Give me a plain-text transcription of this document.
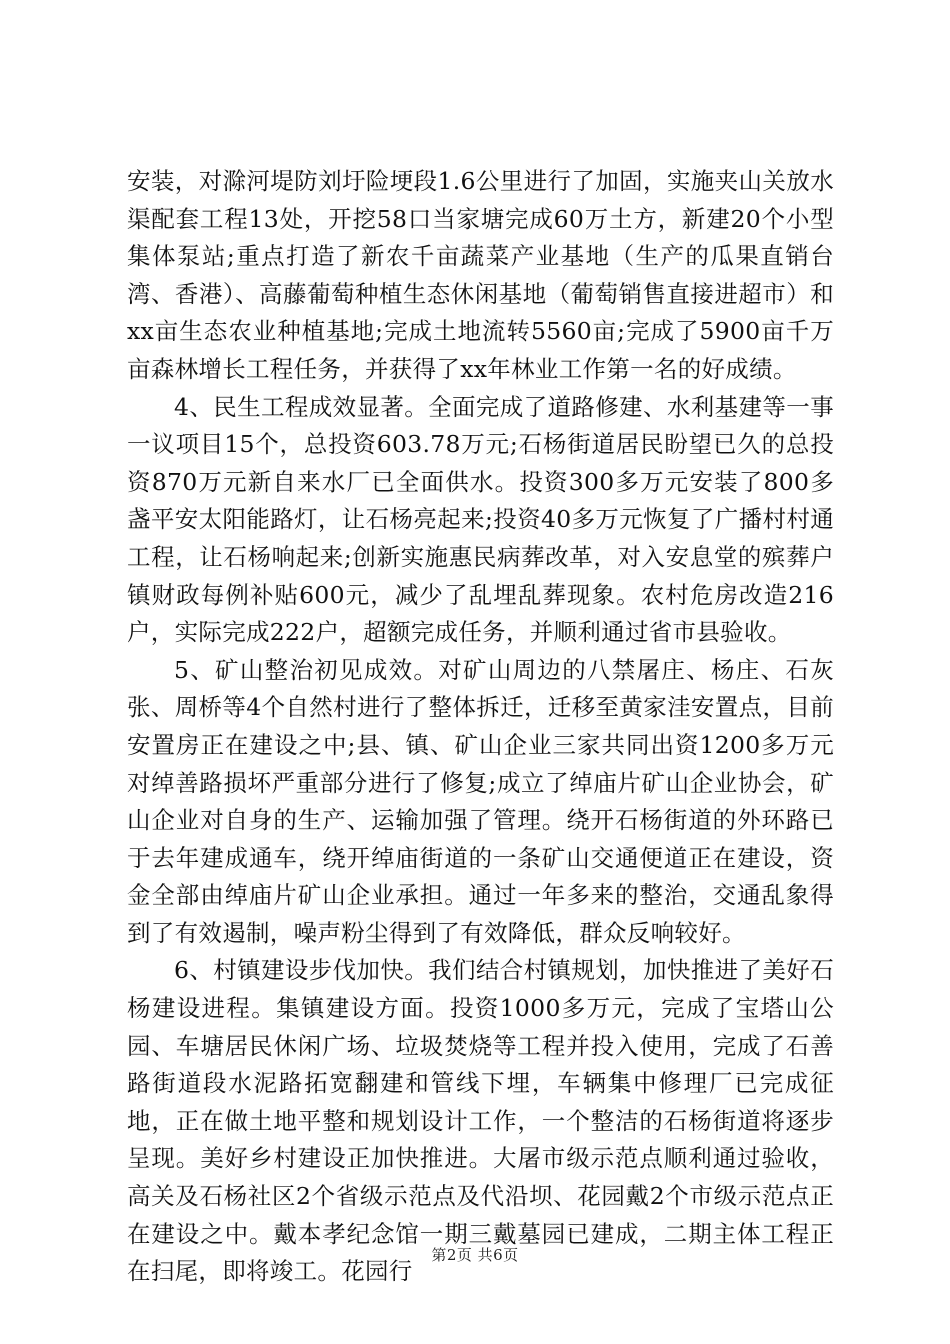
安装，对滁河堤防刘圩险埂段1.6公里进行了加固，实施夹山关放水渠配套工程13处，开挖58口当家塘完成60万土方，新建20个小型集体泵站;重点打造了新农千亩蔬菜产业基地（生产的瓜果直销台湾、香港）、高藤葡萄种植生态休闲基地（葡萄销售直接进超市）和xx亩生态农业种植基地;完成土地流转5560亩;完成了5900亩千万亩森林增长工程任务，并获得了xx年林业工作第一名的好成绩。

4、民生工程成效显著。全面完成了道路修建、水利基建等一事一议项目15个，总投资603.78万元;石杨街道居民盼望已久的总投资870万元新自来水厂已全面供水。投资300多万元安装了800多盏平安太阳能路灯，让石杨亮起来;投资40多万元恢复了广播村村通工程，让石杨响起来;创新实施惠民病葬改革，对入安息堂的殡葬户镇财政每例补贴600元，减少了乱埋乱葬现象。农村危房改造216户，实际完成222户，超额完成任务，并顺利通过省市县验收。

5、矿山整治初见成效。对矿山周边的八禁屠庄、杨庄、石灰张、周桥等4个自然村进行了整体拆迁，迁移至黄家洼安置点，目前安置房正在建设之中;县、镇、矿山企业三家共同出资1200多万元对绰善路损坏严重部分进行了修复;成立了绰庙片矿山企业协会，矿山企业对自身的生产、运输加强了管理。绕开石杨街道的外环路已于去年建成通车，绕开绰庙街道的一条矿山交通便道正在建设，资金全部由绰庙片矿山企业承担。通过一年多来的整治，交通乱象得到了有效遏制，噪声粉尘得到了有效降低，群众反响较好。

6、村镇建设步伐加快。我们结合村镇规划，加快推进了美好石杨建设进程。集镇建设方面。投资1000多万元，完成了宝塔山公园、车塘居民休闲广场、垃圾焚烧等工程并投入使用，完成了石善路街道段水泥路拓宽翻建和管线下埋，车辆集中修理厂已完成征地，正在做土地平整和规划设计工作，一个整洁的石杨街道将逐步呈现。美好乡村建设正加快推进。大屠市级示范点顺利通过验收，高关及石杨社区2个省级示范点及代沿坝、花园戴2个市级示范点正在建设之中。戴本孝纪念馆一期三戴墓园已建成，二期主体工程正在扫尾，即将竣工。花园行

第2页 共6页
